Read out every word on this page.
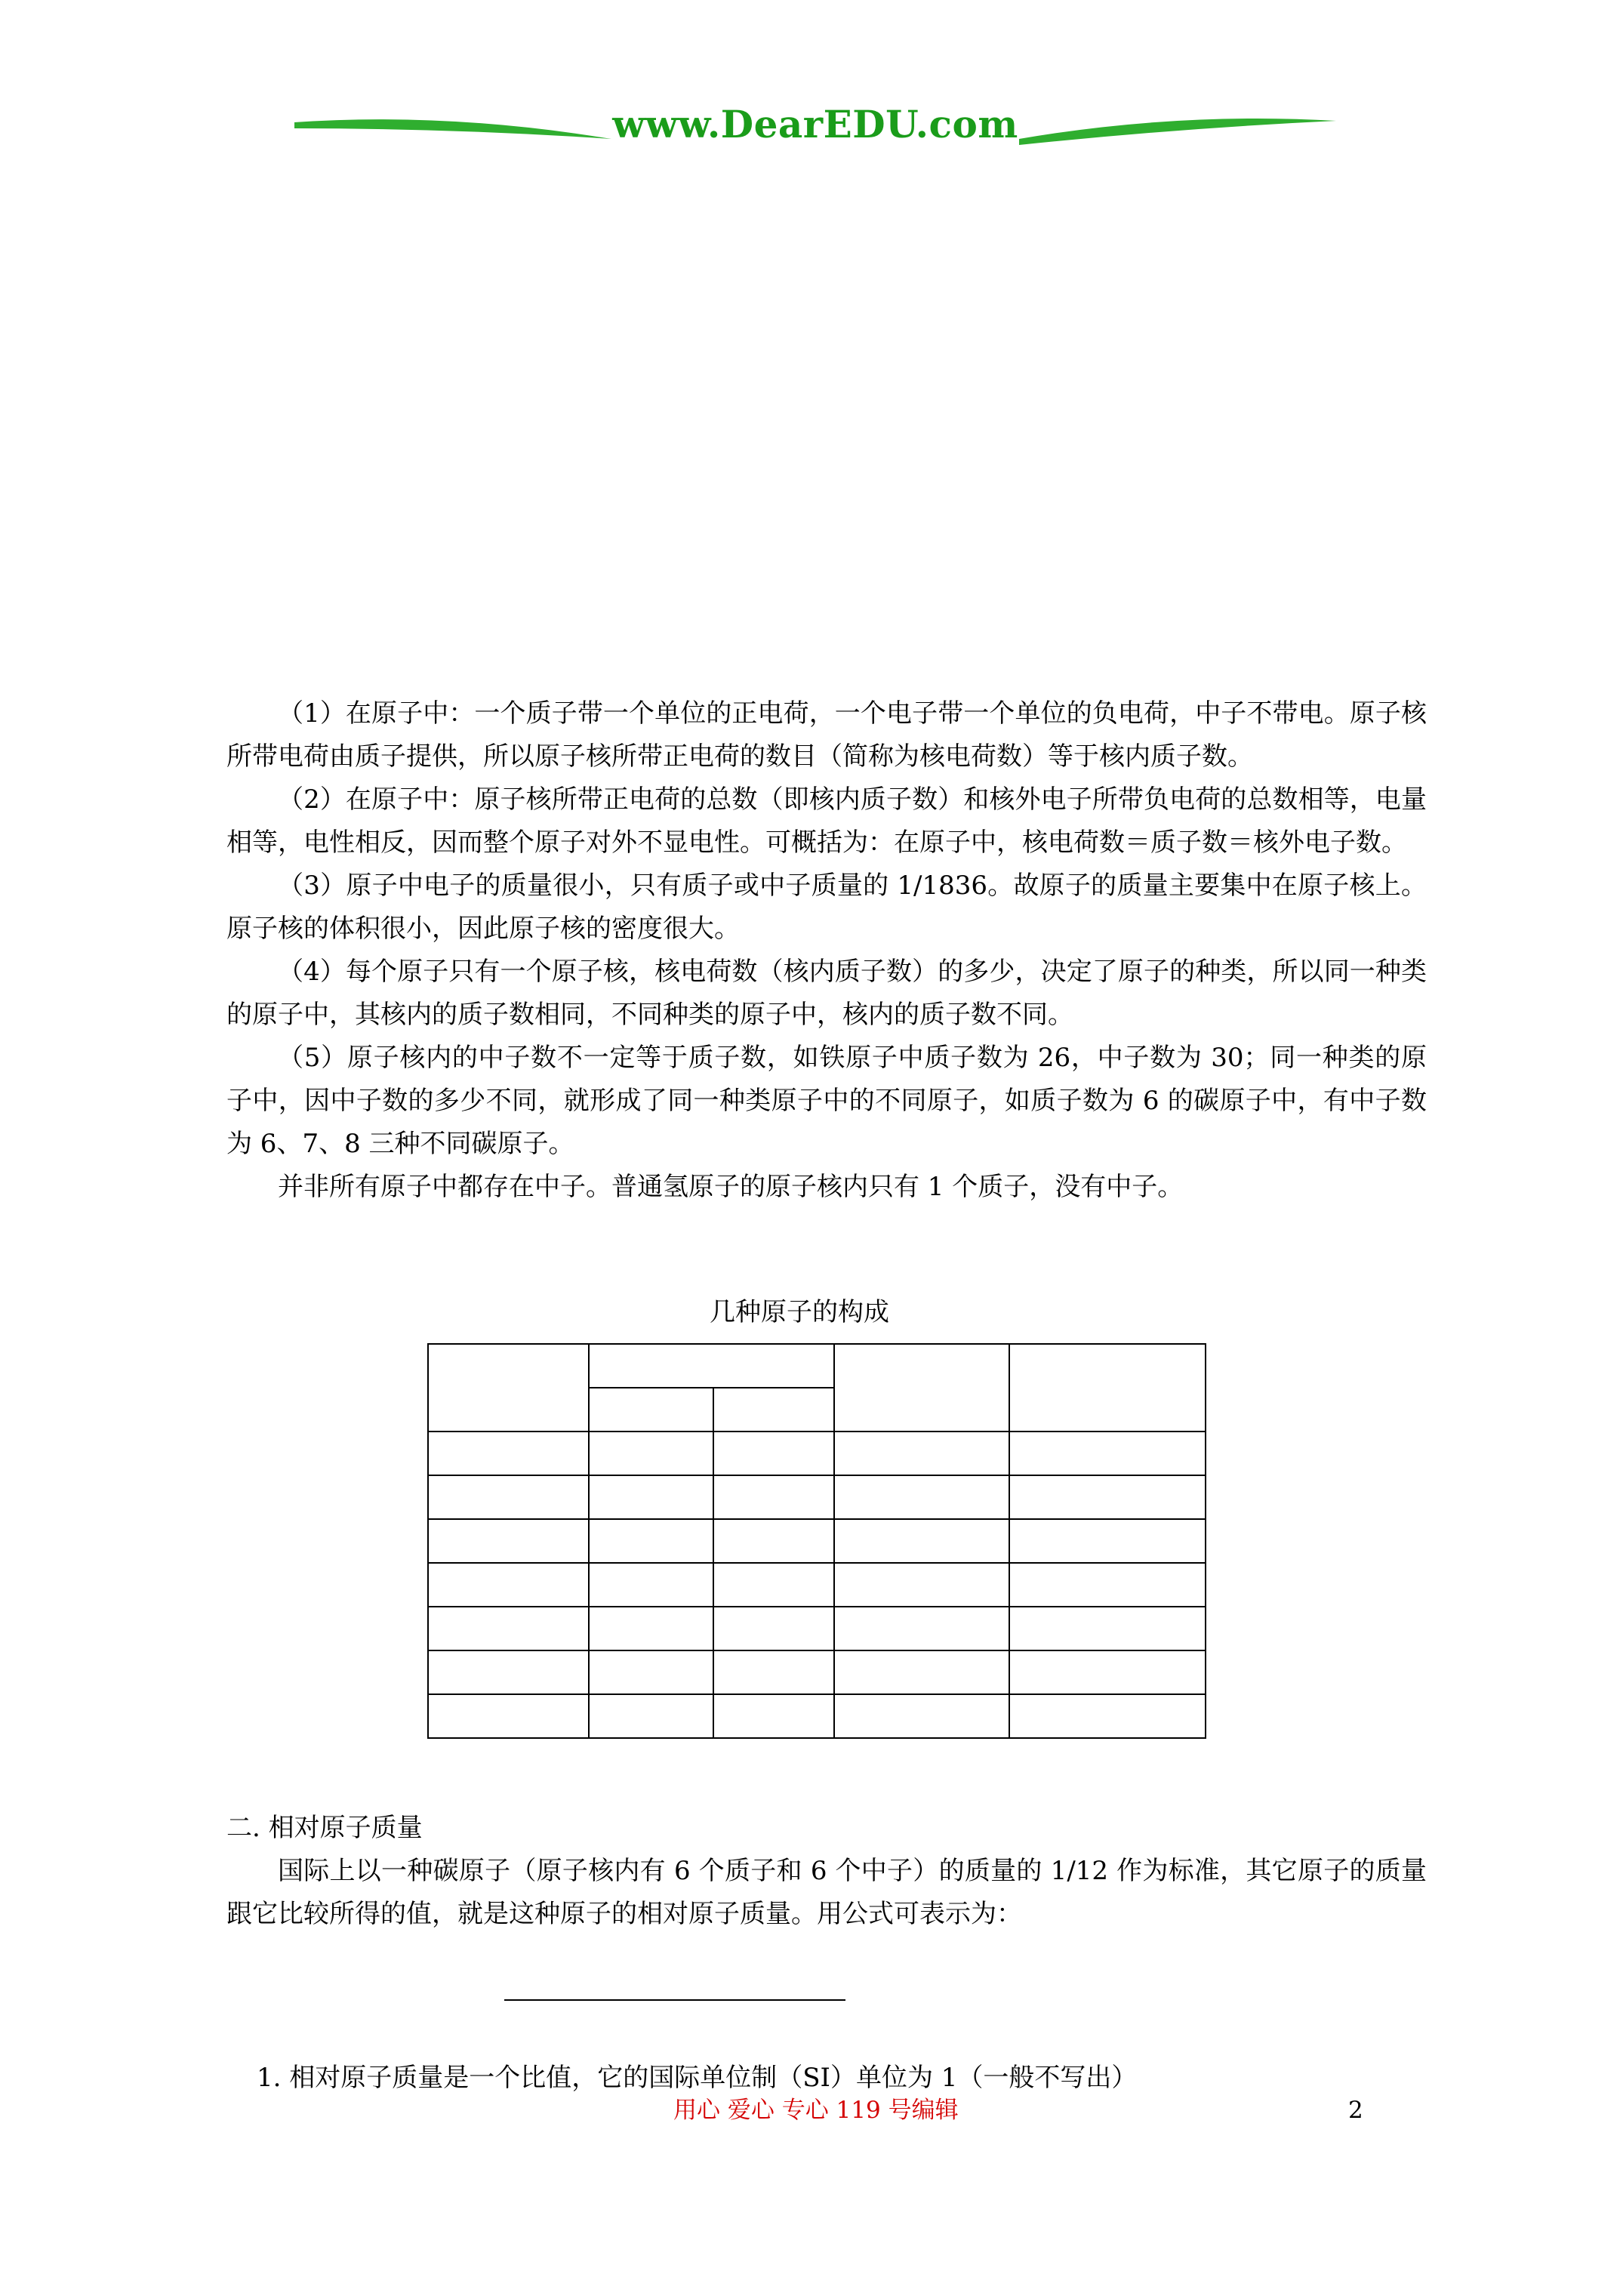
www.DearEDU.com

（1）在原子中：一个质子带一个单位的正电荷，一个电子带一个单位的负电荷，中子不带电。原子核所带电荷由质子提供，所以原子核所带正电荷的数目（简称为核电荷数）等于核内质子数。

（2）在原子中：原子核所带正电荷的总数（即核内质子数）和核外电子所带负电荷的总数相等，电量相等，电性相反，因而整个原子对外不显电性。可概括为：在原子中，核电荷数＝质子数＝核外电子数。

（3）原子中电子的质量很小，只有质子或中子质量的 1/1836。故原子的质量主要集中在原子核上。原子核的体积很小，因此原子核的密度很大。

（4）每个原子只有一个原子核，核电荷数（核内质子数）的多少，决定了原子的种类，所以同一种类的原子中，其核内的质子数相同，不同种类的原子中，核内的质子数不同。

（5）原子核内的中子数不一定等于质子数，如铁原子中质子数为 26，中子数为 30；同一种类的原子中，因中子数的多少不同，就形成了同一种类原子中的不同原子，如质子数为 6 的碳原子中，有中子数为 6、7、8 三种不同碳原子。

并非所有原子中都存在中子。普通氢原子的原子核内只有 1 个质子，没有中子。

几种原子的构成

二. 相对原子质量

国际上以一种碳原子（原子核内有 6 个质子和 6 个中子）的质量的 1/12 作为标准，其它原子的质量跟它比较所得的值，就是这种原子的相对原子质量。用公式可表示为：

1. 相对原子质量是一个比值，它的国际单位制（SI）单位为 1（一般不写出）
用心 爱心 专心 119 号编辑	2
